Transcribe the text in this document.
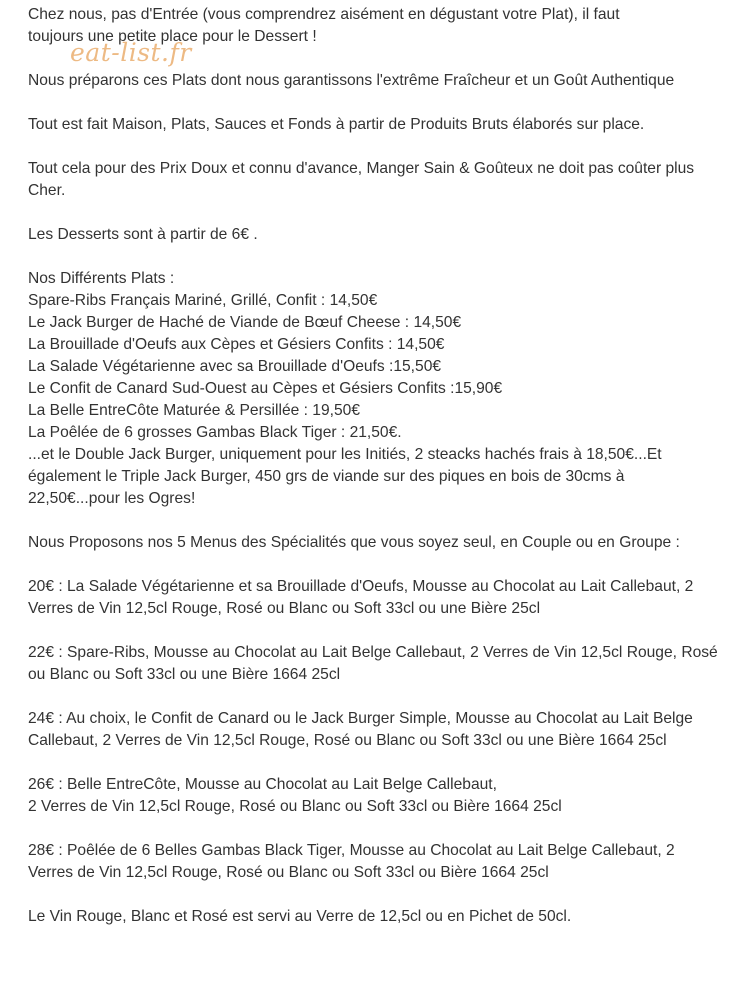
Chez nous, pas d'Entrée (vous comprendrez aisément en dégustant votre Plat), il faut
toujours une petite place pour le Dessert !

Nous préparons ces Plats dont nous garantissons l'extrême Fraîcheur et un Goût Authentique

Tout est fait Maison, Plats, Sauces et Fonds à partir de Produits Bruts élaborés sur place.

Tout cela pour des Prix Doux et connu d'avance, Manger Sain & Goûteux ne doit pas coûter plus Cher.

Les Desserts sont à partir de 6€ .

Nos Différents Plats :
Spare-Ribs Français Mariné, Grillé, Confit : 14,50€
Le Jack Burger de Haché de Viande de Bœuf Cheese : 14,50€
La Brouillade d'Oeufs aux Cèpes et Gésiers Confits : 14,50€
La Salade Végétarienne avec sa Brouillade d'Oeufs :15,50€
Le Confit de Canard Sud-Ouest au Cèpes et Gésiers Confits :15,90€
La Belle EntreCôte Maturée & Persillée : 19,50€
La Poêlée de 6 grosses Gambas Black Tiger : 21,50€.

...et le Double Jack Burger, uniquement pour les Initiés, 2 steacks hachés frais à 18,50€...Et également le Triple Jack Burger, 450 grs de viande sur des piques en bois de 30cms à 22,50€...pour les Ogres!

Nous Proposons nos 5 Menus des Spécialités que vous soyez seul, en Couple ou en Groupe :

20€ : La Salade Végétarienne et sa Brouillade d'Oeufs, Mousse au Chocolat au Lait Callebaut, 2 Verres de Vin 12,5cl Rouge, Rosé ou Blanc ou Soft 33cl ou une Bière 25cl

22€ : Spare-Ribs, Mousse au Chocolat au Lait Belge Callebaut, 2 Verres de Vin 12,5cl Rouge, Rosé ou Blanc ou Soft 33cl ou une Bière 1664 25cl

24€ : Au choix, le Confit de Canard ou le Jack Burger Simple, Mousse au Chocolat au Lait Belge Callebaut, 2 Verres de Vin 12,5cl Rouge, Rosé ou Blanc ou Soft 33cl ou une Bière 1664 25cl

26€ : Belle EntreCôte, Mousse au Chocolat au Lait Belge Callebaut,
2 Verres de Vin 12,5cl Rouge, Rosé ou Blanc ou Soft 33cl ou Bière 1664 25cl

28€ : Poêlée de 6 Belles Gambas Black Tiger, Mousse au Chocolat au Lait Belge Callebaut, 2 Verres de Vin 12,5cl Rouge, Rosé ou Blanc ou Soft 33cl ou Bière 1664 25cl

Le Vin Rouge, Blanc et Rosé est servi au Verre de 12,5cl ou en Pichet de 50cl.

eat-list.fr
